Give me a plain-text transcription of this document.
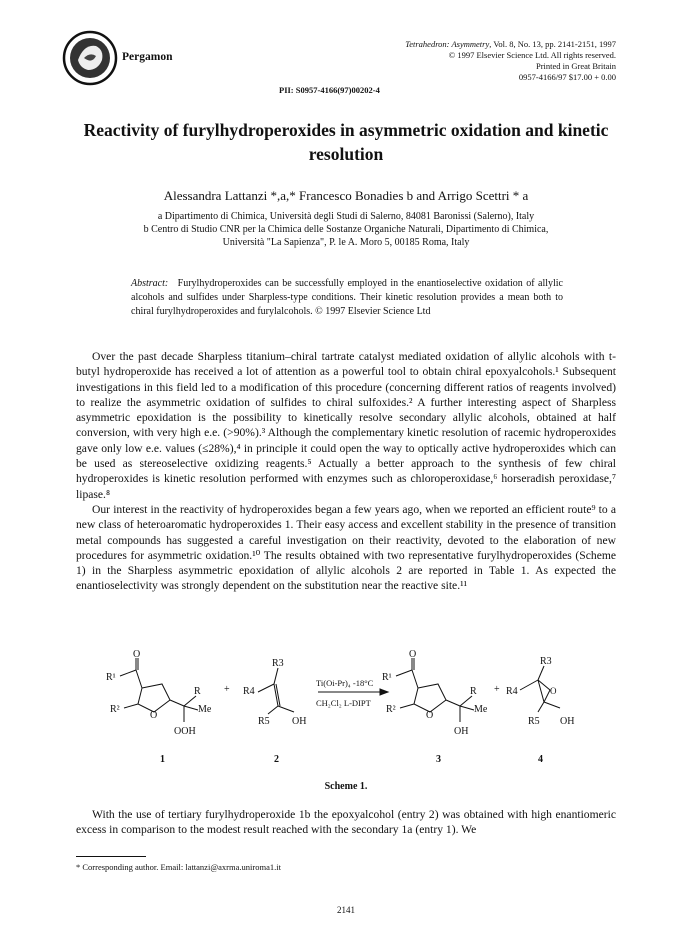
Pergamon
PII: S0957-4166(97)00202-4
Tetrahedron: Asymmetry, Vol. 8, No. 13, pp. 2141-2151, 1997
© 1997 Elsevier Science Ltd. All rights reserved.
Printed in Great Britain
0957-4166/97 $17.00 + 0.00
Reactivity of furylhydroperoxides in asymmetric oxidation and kinetic resolution
Alessandra Lattanzi *,a,* Francesco Bonadies b and Arrigo Scettri * a
a Dipartimento di Chimica, Università degli Studi di Salerno, 84081 Baronissi (Salerno), Italy
b Centro di Studio CNR per la Chimica delle Sostanze Organiche Naturali, Dipartimento di Chimica,
Università "La Sapienza", P. le A. Moro 5, 00185 Roma, Italy
Abstract: Furylhydroperoxides can be successfully employed in the enantioselective oxidation of allylic alcohols and sulfides under Sharpless-type conditions. Their kinetic resolution provides a mean both to chiral furylhydroperoxides and furylalcohols. © 1997 Elsevier Science Ltd

Over the past decade Sharpless titanium–chiral tartrate catalyst mediated oxidation of allylic alcohols with t-butyl hydroperoxide has received a lot of attention as a powerful tool to obtain chiral epoxyalcohols.¹ Subsequent investigations in this field led to a modification of this procedure (concerning different ratios of reagents involved) to realize the asymmetric oxidation of sulfides to chiral sulfoxides.² A further interesting aspect of Sharpless asymmetric epoxidation is the possibility to kinetically resolve secondary allylic alcohols, obtained at half conversion, with very high e.e. (>90%).³ Although the complementary kinetic resolution of racemic hydroperoxides gave only low e.e. values (≤28%),⁴ in principle it could open the way to optically active hydroperoxides which can be used as stereoselective oxidizing reagents.⁵ Actually a better approach to the synthesis of few chiral hydroperoxides is kinetic resolution performed with enzymes such as chloroperoxidase,⁶ horseradish peroxidase,⁷ lipase.⁸

Our interest in the reactivity of hydroperoxides began a few years ago, when we reported an efficient route⁹ to a new class of heteroaromatic hydroperoxides 1. Their easy access and excellent stability in the presence of transition metal compounds has suggested a careful investigation on their reactivity, devoted to the elaboration of new procedures for asymmetric oxidation.¹⁰ The results obtained with two representative furylhydroperoxides (Scheme 1) in the Sharpless asymmetric epoxidation of allylic alcohols 2 are reported in Table 1. As expected the enantioselectivity was strongly dependent on the substitution near the reactive site.¹¹

O
R¹
R²
O
R
Me
OOH
+ R4
R3
R5 OH
Ti(Oi-Pr)₄ -18°C
CH₂Cl₂ L-DIPT
O
R¹
R²
O
R
Me
OH
+ R4
R3
O
R5 OH
1	2	3	4
Scheme 1.

With the use of tertiary furylhydroperoxide 1b the epoxyalcohol (entry 2) was obtained with high enantiomeric excess in comparison to the modest result reached with the secondary 1a (entry 1). We

* Corresponding author. Email: lattanzi@axrma.uniroma1.it
2141
